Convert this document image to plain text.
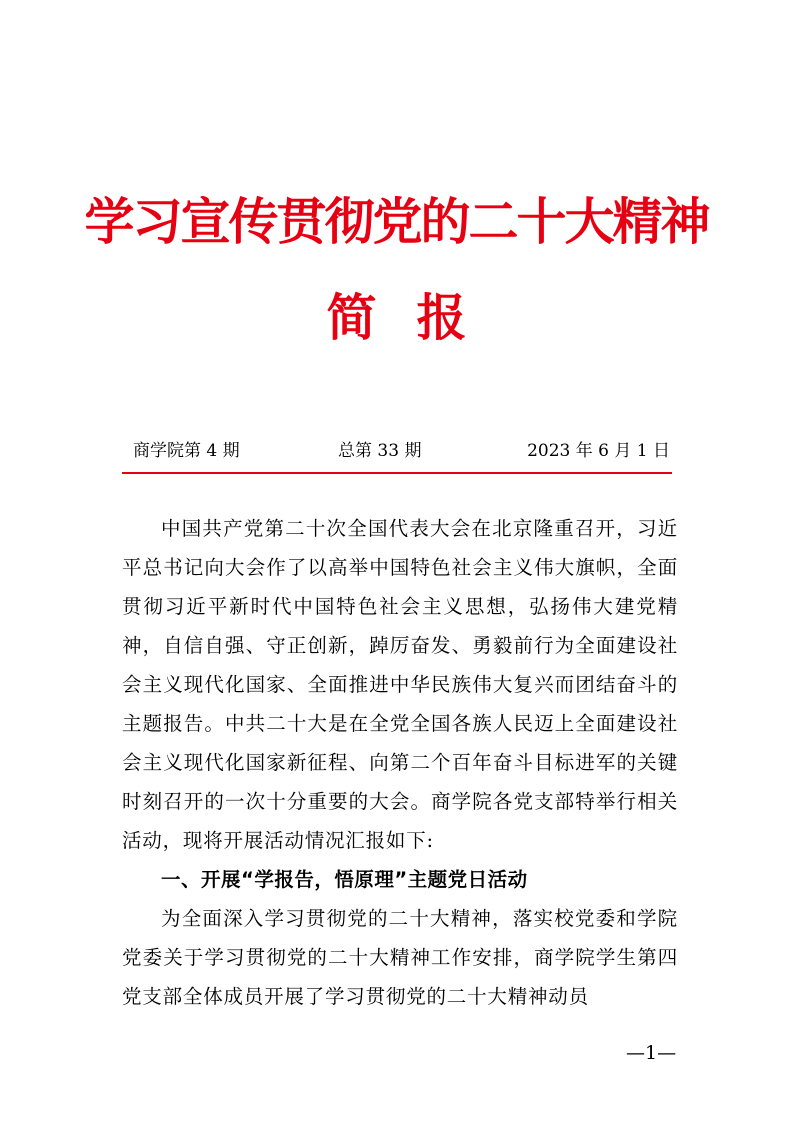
学习宣传贯彻党的二十大精神
简报
商学院第 4 期	总第 33 期	2023 年 6 月 1 日

中国共产党第二十次全国代表大会在北京隆重召开，习近平总书记向大会作了以高举中国特色社会主义伟大旗帜，全面贯彻习近平新时代中国特色社会主义思想，弘扬伟大建党精神，自信自强、守正创新，踔厉奋发、勇毅前行为全面建设社会主义现代化国家、全面推进中华民族伟大复兴而团结奋斗的主题报告。中共二十大是在全党全国各族人民迈上全面建设社会主义现代化国家新征程、向第二个百年奋斗目标进军的关键时刻召开的一次十分重要的大会。商学院各党支部特举行相关活动，现将开展活动情况汇报如下:

一、开展“学报告，悟原理”主题党日活动

为全面深入学习贯彻党的二十大精神，落实校党委和学院党委关于学习贯彻党的二十大精神工作安排，商学院学生第四党支部全体成员开展了学习贯彻党的二十大精神动员

—1—
